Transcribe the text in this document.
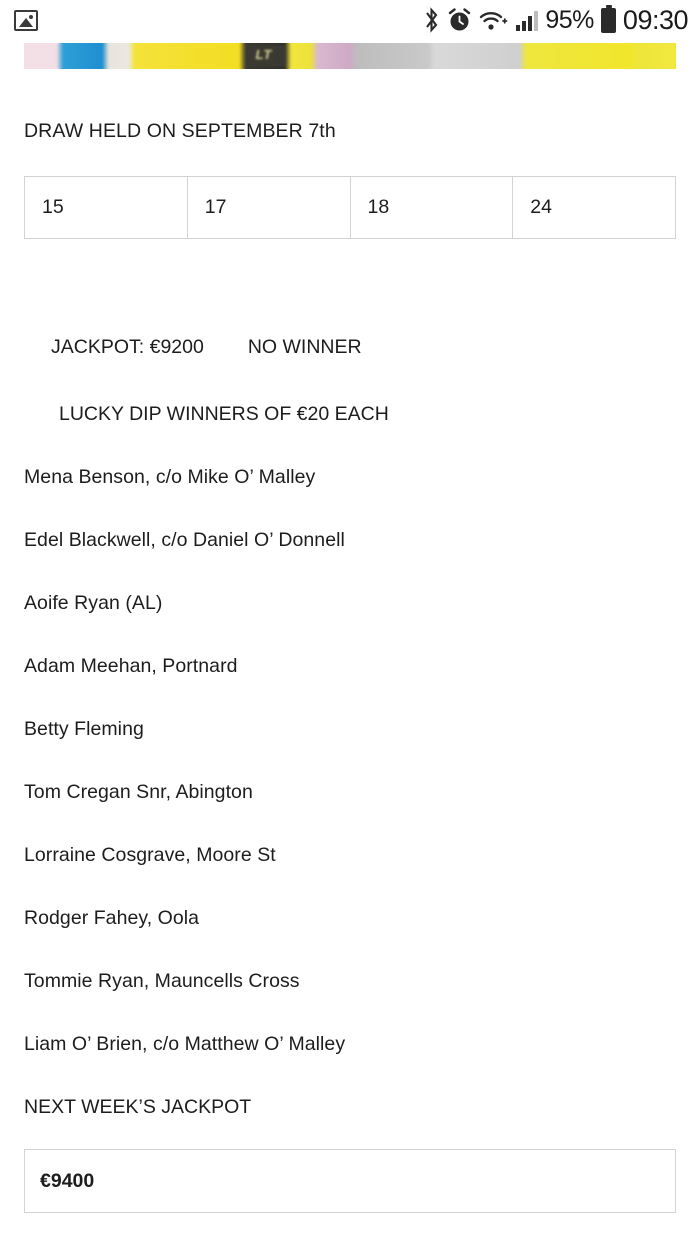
95% 09:30
LT
DRAW HELD ON SEPTEMBER 7th
15	17	18	24
JACKPOT: €9200 NO WINNER
LUCKY DIP WINNERS OF €20 EACH
Mena Benson, c/o Mike O’ Malley
Edel Blackwell, c/o Daniel O’ Donnell
Aoife Ryan (AL)
Adam Meehan, Portnard
Betty Fleming
Tom Cregan Snr, Abington
Lorraine Cosgrave, Moore St
Rodger Fahey, Oola
Tommie Ryan, Mauncells Cross
Liam O’ Brien, c/o Matthew O’ Malley
NEXT WEEK’S JACKPOT
€9400
